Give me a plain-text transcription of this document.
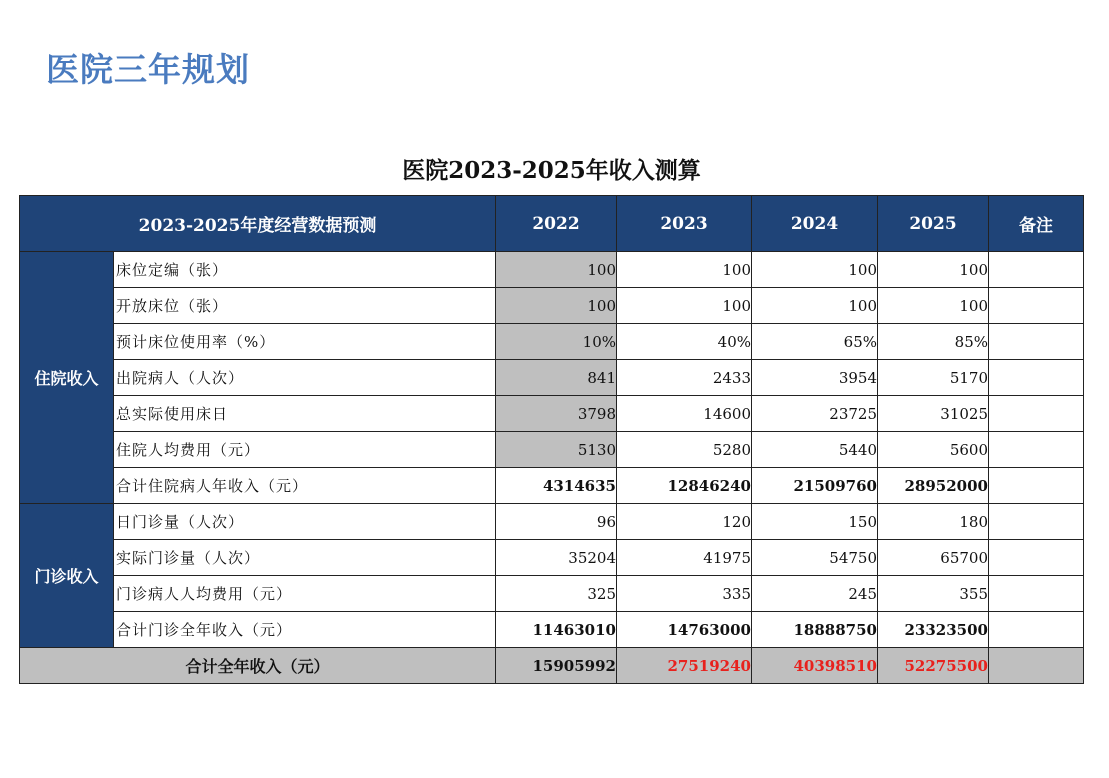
医院三年规划
医院2023-2025年收入测算
2023-2025年度经营数据预测		2022	2023	2024	2025	备注
住院收入	床位定编（张）	100	100	100	100	
	开放床位（张）	100	100	100	100	
	预计床位使用率（%）	10%	40%	65%	85%	
	出院病人（人次）	841	2433	3954	5170	
	总实际使用床日	3798	14600	23725	31025	
	住院人均费用（元）	5130	5280	5440	5600	
	合计住院病人年收入（元）	4314635	12846240	21509760	28952000	
门诊收入	日门诊量（人次）	96	120	150	180	
	实际门诊量（人次）	35204	41975	54750	65700	
	门诊病人人均费用（元）	325	335	245	355	
	合计门诊全年收入（元）	11463010	14763000	18888750	23323500	
合计全年收入（元）		15905992	27519240	40398510	52275500	
